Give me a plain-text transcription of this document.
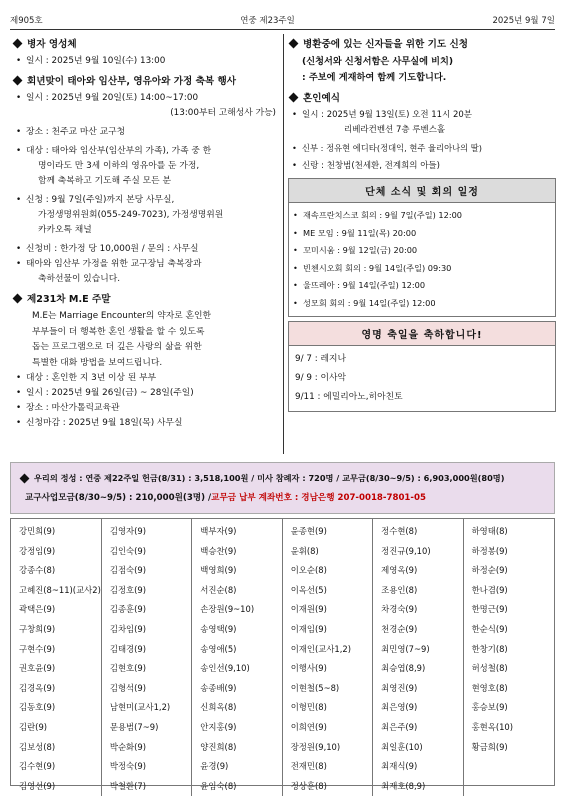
제905호	연중 제23주일	2025년 9월 7일
병자 영성체
• 일시 : 2025년 9월 10일(수) 13:00
회년맞이 태아와 임산부, 영유아와 가정 축복 행사
• 일시 : 2025년 9월 20일(토) 14:00~17:00
(13:00부터 고해성사 가능)
• 장소 : 천주교 마산 교구청
• 대상 : 태아와 임산부(임산부의 가족), 가족 중 한
명이라도 만 3세 이하의 영유아를 둔 가정,
함께 축복하고 기도해 주실 모든 분
• 신청 : 9월 7일(주일)까지 본당 사무실,
가정생명위원회(055-249-7023), 가정생명위원
카카오톡 채널
• 신청비 : 한가정 당 10,000원 / 문의 : 사무실
• 태아와 임산부 가정을 위한 교구장님 축복장과
축하선물이 있습니다.
제231차 M.E 주말
M.E는 Marriage Encounter의 약자로 혼인한
부부들이 더 행복한 혼인 생활을 할 수 있도록
돕는 프로그램으로 더 깊은 사랑의 삶을 위한
특별한 대화 방법을 보여드립니다.
• 대상 : 혼인한 지 3년 이상 된 부부
• 일시 : 2025년 9월 26일(금) ~ 28일(주일)
• 장소 : 마산가톨릭교육관
• 신청마감 : 2025년 9월 18일(목) 사무실
병환중에 있는 신자들을 위한 기도 신청
(신청서와 신청서함은 사무실에 비치)
: 주보에 게재하여 함께 기도합니다.
혼인예식
• 일시 : 2025년 9월 13일(토) 오전 11시 20분
리베라컨벤션 7층 루벤스홀
• 신부 : 정유현 에디타(정대익, 현주 율리아나의 딸)
• 신랑 : 천창범(천세환, 전계희의 아들)
단체 소식 및 회의 일정
• 재속프란치스코 회의 : 9월 7일(주일) 12:00
• ME 모임 : 9월 11일(목) 20:00
• 꼬미시움 : 9월 12일(금) 20:00
• 빈첸시오회 회의 : 9월 14일(주일) 09:30
• 울뜨레아 : 9월 14일(주일) 12:00
• 성모회 회의 : 9월 14일(주일) 12:00
영명 축일을 축하합니다!
9/ 7 : 레지나
9/ 9 : 이사악
9/11 : 에밀리아노,히아친토
우리의 정성 : 연중 제22주일 헌금(8/31) : 3,518,100원 / 미사 참례자 : 720명 / 교무금(8/30~9/5) : 6,903,000원(80명)
교구사업모금(8/30~9/5) : 210,000원(3명) / 교무금 납부 계좌번호 : 경남은행 207-0018-7801-05
강민희(9)
강정임(9)
강종수(8)
고혜진(8~11)(교사2)
곽택은(9)
구창희(9)
구현수(9)
권호윤(9)
김경옥(9)
김동호(9)
김란(9)
김보성(8)
김수현(9)
김영선(9)
김영자(9)
김인숙(9)
김점숙(9)
김정호(9)
김종훈(9)
김차임(9)
김태경(9)
김현호(9)
김형석(9)
남현미(교사1,2)
문용범(7~9)
박순화(9)
박정숙(9)
박철환(7)
백부자(9)
백승찬(9)
백영희(9)
서진순(8)
손장원(9~10)
송영택(9)
송영애(5)
송인선(9,10)
송종배(9)
신희옥(8)
안지홍(9)
양진희(8)
윤경(9)
윤임숙(8)
윤종현(9)
윤휘(8)
이오순(8)
이옥선(5)
이재원(9)
이재임(9)
이재인(교사1,2)
이행사(9)
이현철(5~8)
이형민(8)
이희연(9)
장정원(9,10)
전재민(8)
정상훈(8)
정수현(8)
정진규(9,10)
제영옥(9)
조용인(8)
차경숙(9)
천경순(9)
최민영(7~9)
최승엽(8,9)
최영진(9)
최은영(9)
최은주(9)
최일훈(10)
최재식(9)
최재호(8,9)
하영태(8)
하정봉(9)
하정순(9)
한나겸(9)
한명근(9)
한순식(9)
한창기(8)
허성철(8)
현영호(8)
홍승보(9)
홍현옥(10)
황금희(9)
